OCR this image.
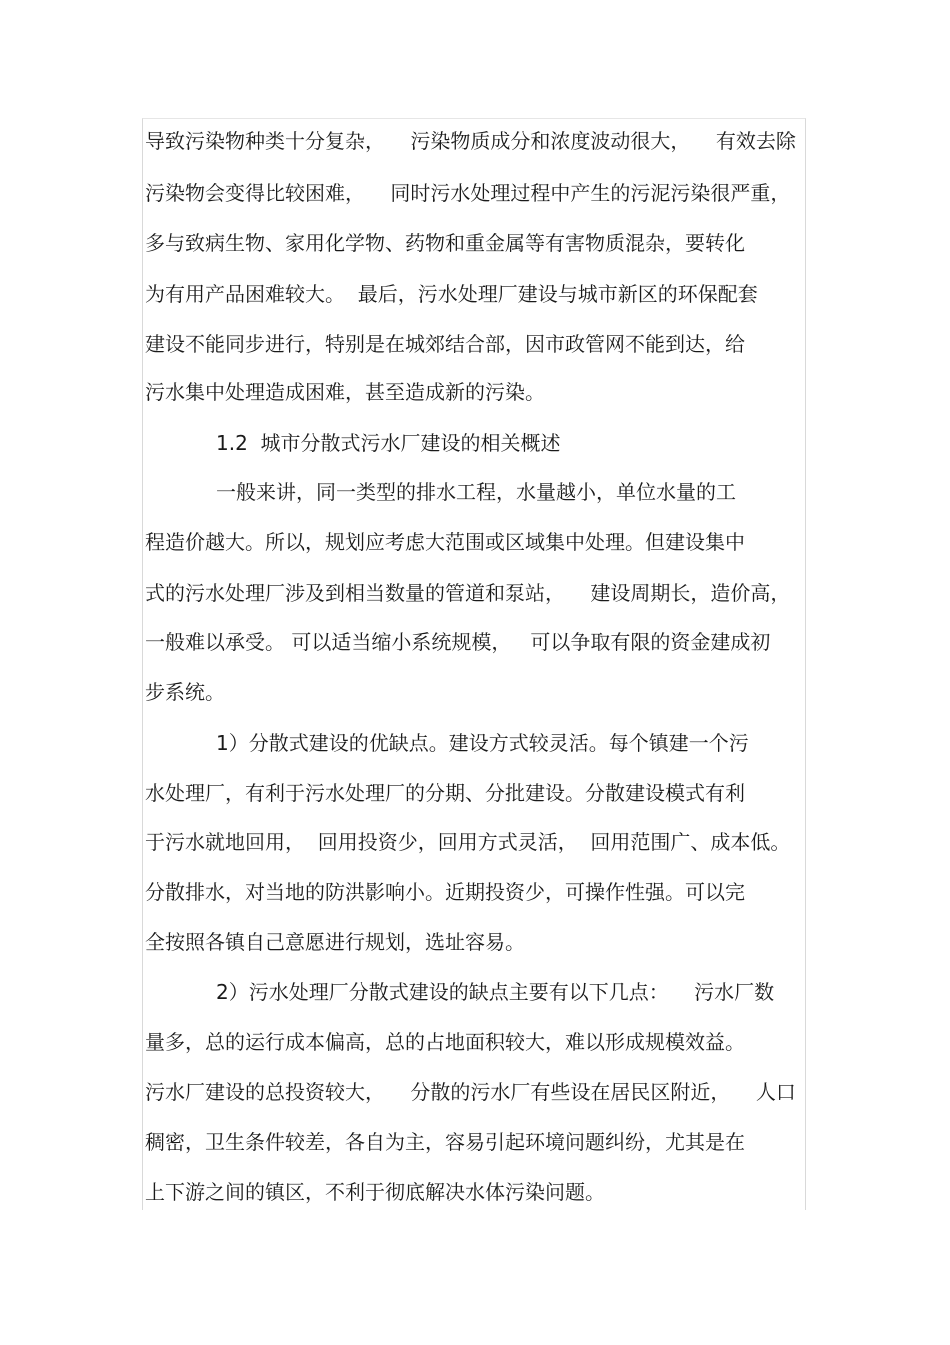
导致污染物种类十分复杂，    污染物质成分和浓度波动很大，    有效去除
污染物会变得比较困难，    同时污水处理过程中产生的污泥污染很严重，
多与致病生物、家用化学物、药物和重金属等有害物质混杂，要转化
为有用产品困难较大。  最后，污水处理厂建设与城市新区的环保配套
建设不能同步进行，特别是在城郊结合部，因市政管网不能到达，给
污水集中处理造成困难，甚至造成新的污染。
1.2  城市分散式污水厂建设的相关概述
一般来讲，同一类型的排水工程，水量越小，单位水量的工
程造价越大。所以，规划应考虑大范围或区域集中处理。但建设集中
式的污水处理厂涉及到相当数量的管道和泵站，    建设周期长，造价高，
一般难以承受。 可以适当缩小系统规模，   可以争取有限的资金建成初
步系统。
1）分散式建设的优缺点。建设方式较灵活。每个镇建一个污
水处理厂，有利于污水处理厂的分期、分批建设。分散建设模式有利
于污水就地回用，  回用投资少，回用方式灵活，  回用范围广、成本低。
分散排水，对当地的防洪影响小。近期投资少，可操作性强。可以完
全按照各镇自己意愿进行规划，选址容易。
2）污水处理厂分散式建设的缺点主要有以下几点：    污水厂数
量多，总的运行成本偏高，总的占地面积较大，难以形成规模效益。
污水厂建设的总投资较大，    分散的污水厂有些设在居民区附近，    人口
稠密，卫生条件较差，各自为主，容易引起环境问题纠纷，尤其是在
上下游之间的镇区，不利于彻底解决水体污染问题。
